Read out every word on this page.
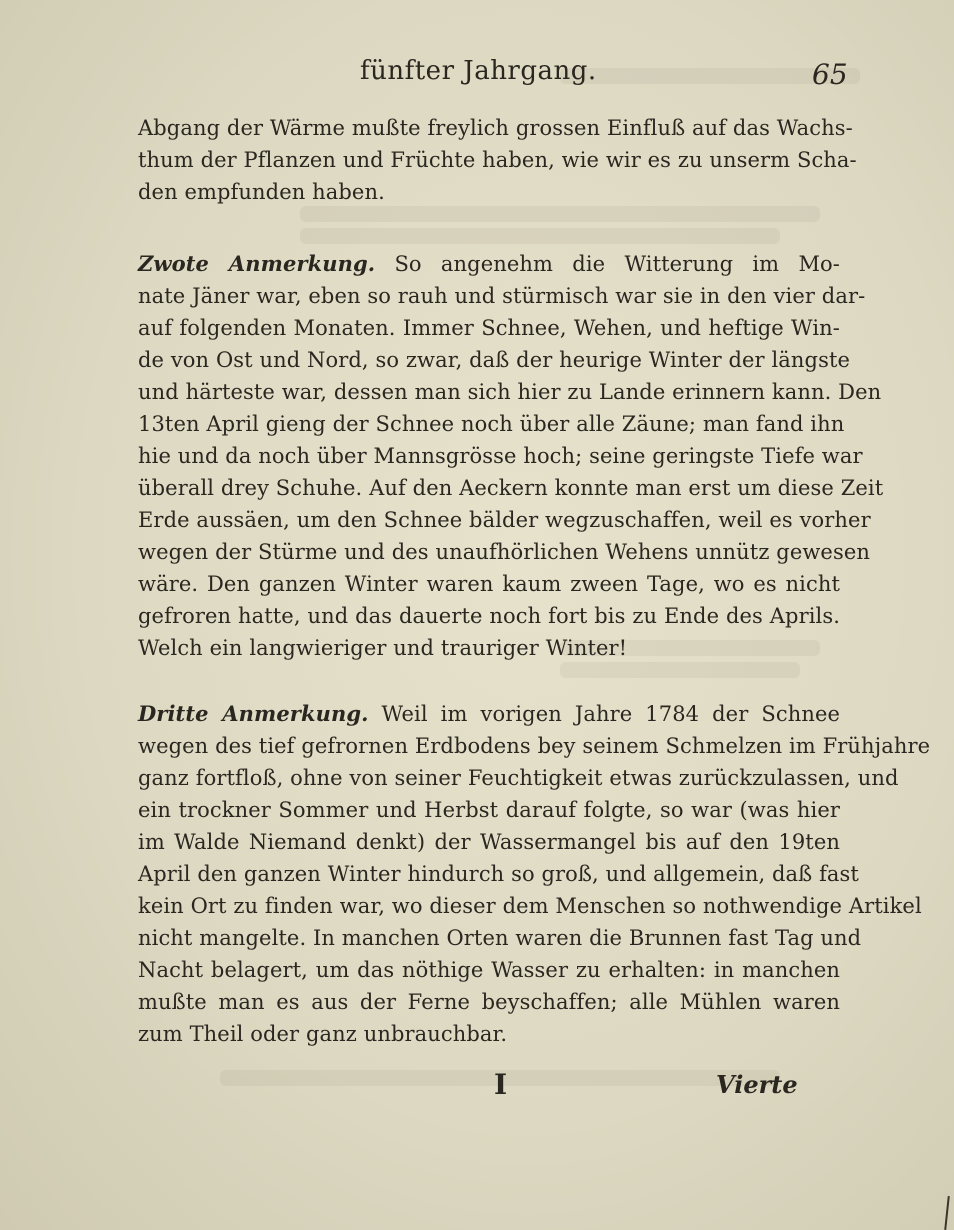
fünfter Jahrgang.	65
Abgang der Wärme mußte freylich grossen Einfluß auf das Wachs-
thum der Pflanzen und Früchte haben, wie wir es zu unserm Scha-
den empfunden haben.
Zwote Anmerkung. So angenehm die Witterung im Mo-
nate Jäner war, eben so rauh und stürmisch war sie in den vier dar-
auf folgenden Monaten. Immer Schnee, Wehen, und heftige Win-
de von Ost und Nord, so zwar, daß der heurige Winter der längste
und härteste war, dessen man sich hier zu Lande erinnern kann. Den
13ten April gieng der Schnee noch über alle Zäune; man fand ihn
hie und da noch über Mannsgrösse hoch; seine geringste Tiefe war
überall drey Schuhe. Auf den Aeckern konnte man erst um diese Zeit
Erde aussäen, um den Schnee bälder wegzuschaffen, weil es vorher
wegen der Stürme und des unaufhörlichen Wehens unnütz gewesen
wäre. Den ganzen Winter waren kaum zween Tage, wo es nicht
gefroren hatte, und das dauerte noch fort bis zu Ende des Aprils.
Welch ein langwieriger und trauriger Winter!
Dritte Anmerkung. Weil im vorigen Jahre 1784 der Schnee
wegen des tief gefrornen Erdbodens bey seinem Schmelzen im Frühjahre
ganz fortfloß, ohne von seiner Feuchtigkeit etwas zurückzulassen, und
ein trockner Sommer und Herbst darauf folgte, so war (was hier
im Walde Niemand denkt) der Wassermangel bis auf den 19ten
April den ganzen Winter hindurch so groß, und allgemein, daß fast
kein Ort zu finden war, wo dieser dem Menschen so nothwendige Artikel
nicht mangelte. In manchen Orten waren die Brunnen fast Tag und
Nacht belagert, um das nöthige Wasser zu erhalten: in manchen
mußte man es aus der Ferne beyschaffen; alle Mühlen waren
zum Theil oder ganz unbrauchbar.
I	Vierte
